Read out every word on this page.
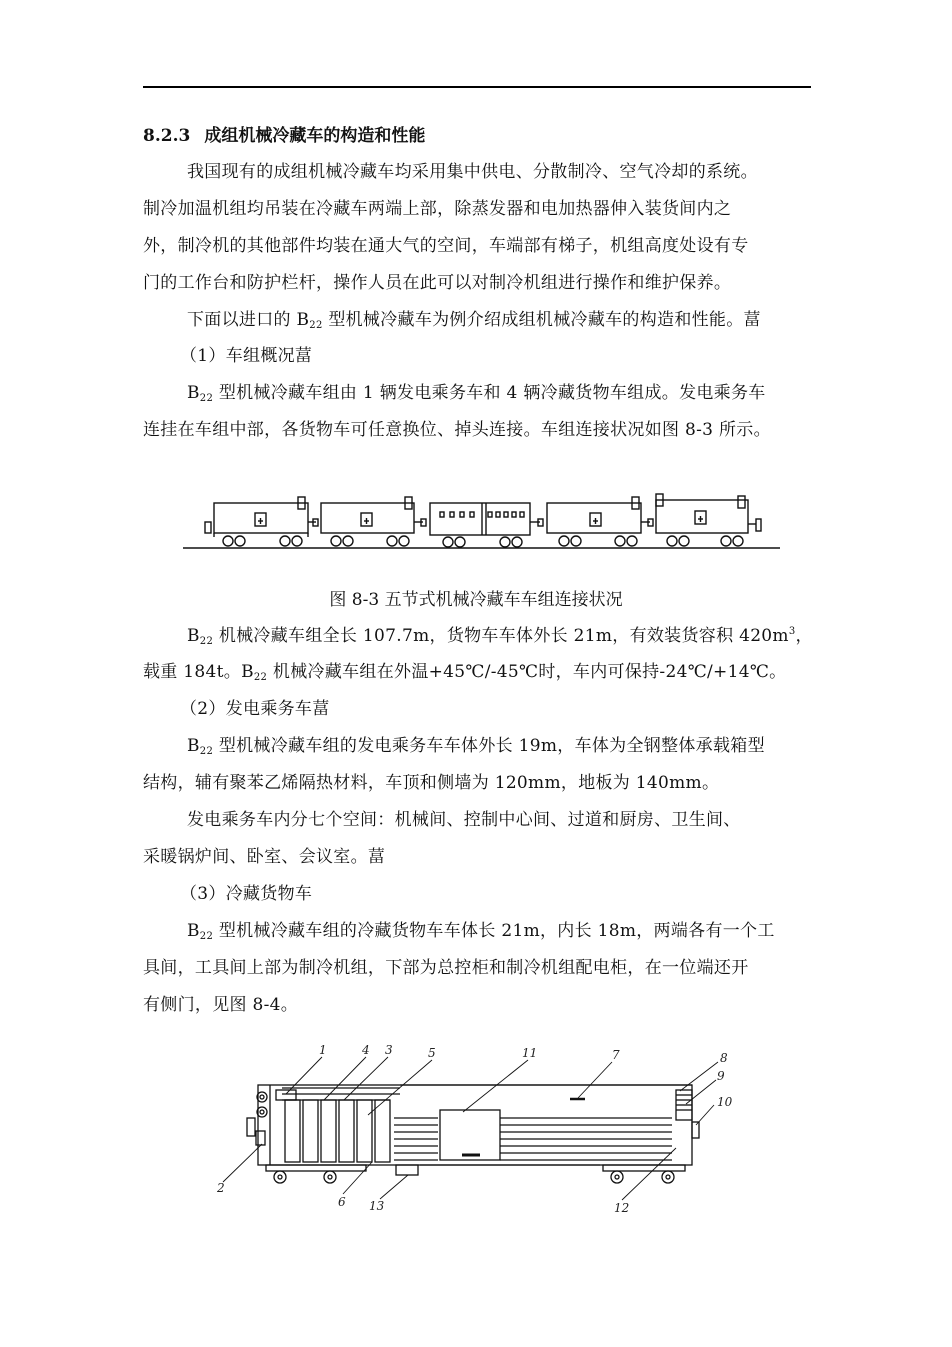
8.2.3 成组机械冷藏车的构造和性能
我国现有的成组机械冷藏车均采用集中供电、分散制冷、空气冷却的系统。
制冷加温机组均吊装在冷藏车两端上部，除蒸发器和电加热器伸入装货间内之
外，制冷机的其他部件均装在通大气的空间，车端部有梯子，机组高度处设有专
门的工作台和防护栏杆，操作人员在此可以对制冷机组进行操作和维护保养。
下面以进口的 $B_{22}$ 型机械冷藏车为例介绍成组机械冷藏车的构造和性能。葍
（1）车组概况葍
$B_{22}$ 型机械冷藏车组由 1 辆发电乘务车和 4 辆冷藏货物车组成。发电乘务车
连挂在车组中部，各货物车可任意换位、掉头连接。车组连接状况如图 8-3 所示。
图 8-3 五节式机械冷藏车车组连接状况
$B_{22}$ 机械冷藏车组全长 107.7m，货物车车体外长 21m，有效装货容积 $420m^3$，
载重 184t。$B_{22}$ 机械冷藏车组在外温+45℃/-45℃时，车内可保持-24℃/+14℃。
（2）发电乘务车葍
$B_{22}$ 型机械冷藏车组的发电乘务车车体外长 19m，车体为全钢整体承载箱型
结构，辅有聚苯乙烯隔热材料，车顶和侧墙为 120mm，地板为 140mm。
发电乘务车内分七个空间：机械间、控制中心间、过道和厨房、卫生间、
采暖锅炉间、卧室、会议室。葍
（3）冷藏货物车
$B_{22}$ 型机械冷藏车组的冷藏货物车车体长 21m，内长 18m，两端各有一个工
具间，工具间上部为制冷机组，下部为总控柜和制冷机组配电柜，在一位端还开
有侧门，见图 8-4。
1	4 3	5	11	7	8
9
10
2
6 13	12
